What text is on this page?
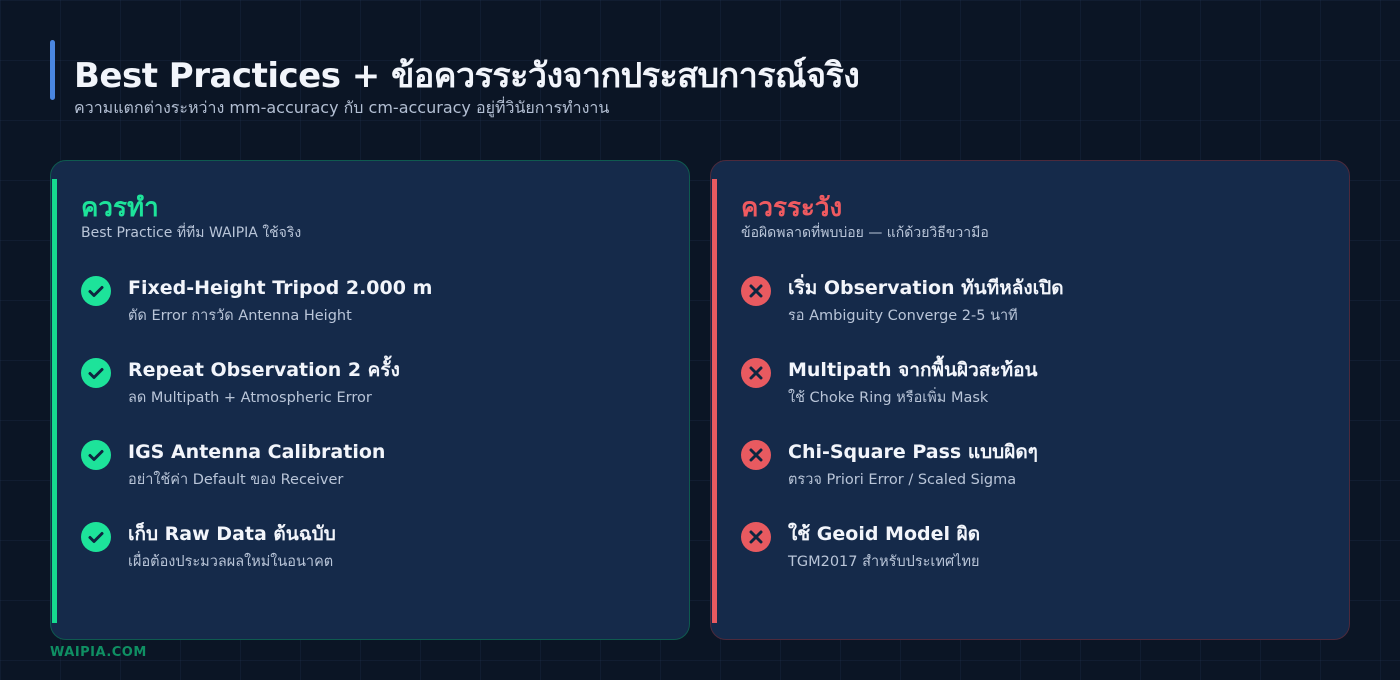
Best Practices + ข้อควรระวังจากประสบการณ์จริง
ความแตกต่างระหว่าง mm-accuracy กับ cm-accuracy อยู่ที่วินัยการทำงาน
ควรทำ
Best Practice ที่ทีม WAIPIA ใช้จริง
Fixed-Height Tripod 2.000 m
ตัด Error การวัด Antenna Height
Repeat Observation 2 ครั้ง
ลด Multipath + Atmospheric Error
IGS Antenna Calibration
อย่าใช้ค่า Default ของ Receiver
เก็บ Raw Data ต้นฉบับ
เผื่อต้องประมวลผลใหม่ในอนาคต
ควรระวัง
ข้อผิดพลาดที่พบบ่อย — แก้ด้วยวิธีขวามือ
เริ่ม Observation ทันทีหลังเปิด
รอ Ambiguity Converge 2-5 นาที
Multipath จากพื้นผิวสะท้อน
ใช้ Choke Ring หรือเพิ่ม Mask
Chi-Square Pass แบบผิดๆ
ตรวจ Priori Error / Scaled Sigma
ใช้ Geoid Model ผิด
TGM2017 สำหรับประเทศไทย
WAIPIA.COM
